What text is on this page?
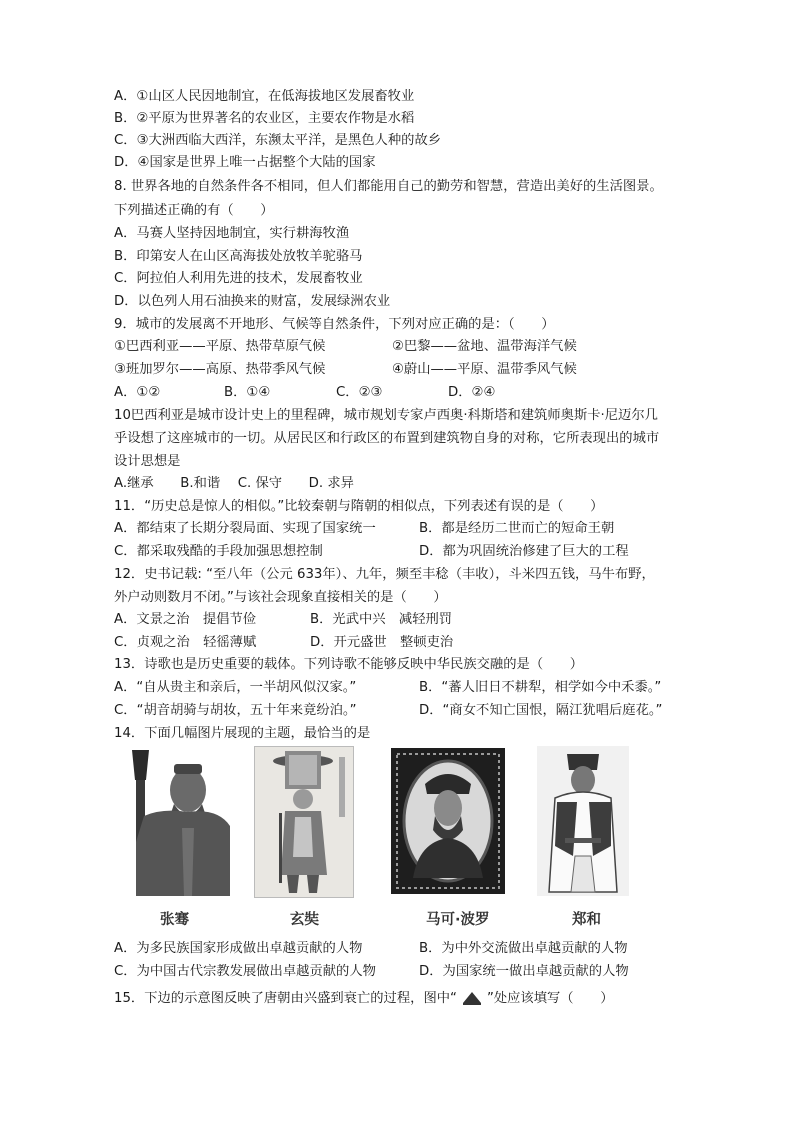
A．①山区人民因地制宜，在低海拔地区发展畜牧业
B．②平原为世界著名的农业区，主要农作物是水稻
C．③大洲西临大西洋，东濒太平洋，是黑色人种的故乡
D．④国家是世界上唯一占据整个大陆的国家
8. 世界各地的自然条件各不相同，但人们都能用自己的勤劳和智慧，营造出美好的生活图景。
下列描述正确的有（　　）
A．马赛人坚持因地制宜，实行耕海牧渔
B．印第安人在山区高海拔处放牧羊驼骆马
C．阿拉伯人利用先进的技术，发展畜牧业
D．以色列人用石油换来的财富，发展绿洲农业
9．城市的发展离不开地形、气候等自然条件，下列对应正确的是：（　　）
①巴西利亚——平原、热带草原气候	②巴黎——盆地、温带海洋气候
③班加罗尔——高原、热带季风气候	④蔚山——平原、温带季风气候
A．①②	B．①④	C．②③	D．②④
10巴西利亚是城市设计史上的里程碑，城市规划专家卢西奥·科斯塔和建筑师奥斯卡·尼迈尔几
乎设想了这座城市的一切。从居民区和行政区的布置到建筑物自身的对称，它所表现出的城市
设计思想是
A.继承　　B.和谐　 C. 保守　　D. 求异
11．“历史总是惊人的相似。”比较秦朝与隋朝的相似点，下列表述有误的是（　　）
A．都结束了长期分裂局面、实现了国家统一	B．都是经历二世而亡的短命王朝
C．都采取残酷的手段加强思想控制	D．都为巩固统治修建了巨大的工程
12．史书记载: “至八年（公元 633年）、九年，频至丰稔（丰收），斗米四五钱，马牛布野，
外户动则数月不闭。”与该社会现象直接相关的是（　　）
A．文景之治　提倡节俭	B．光武中兴　减轻刑罚
C．贞观之治　轻徭薄赋	D．开元盛世　整顿吏治
13．诗歌也是历史重要的载体。下列诗歌不能够反映中华民族交融的是（　　）
A．“自从贵主和亲后，一半胡风似汉家。”	B．“蕃人旧日不耕犁，相学如今中禾黍。”
C．“胡音胡骑与胡妆，五十年来竟纷泊。”	D．“商女不知亡国恨，隔江犹唱后庭花。”
14．下面几幅图片展现的主题，最恰当的是
张骞	玄奘	马可·波罗	郑和
A．为多民族国家形成做出卓越贡献的人物	B．为中外交流做出卓越贡献的人物
C．为中国古代宗教发展做出卓越贡献的人物	D．为国家统一做出卓越贡献的人物
15．下边的示意图反映了唐朝由兴盛到衰亡的过程，图中“ ”处应该填写（　　）
